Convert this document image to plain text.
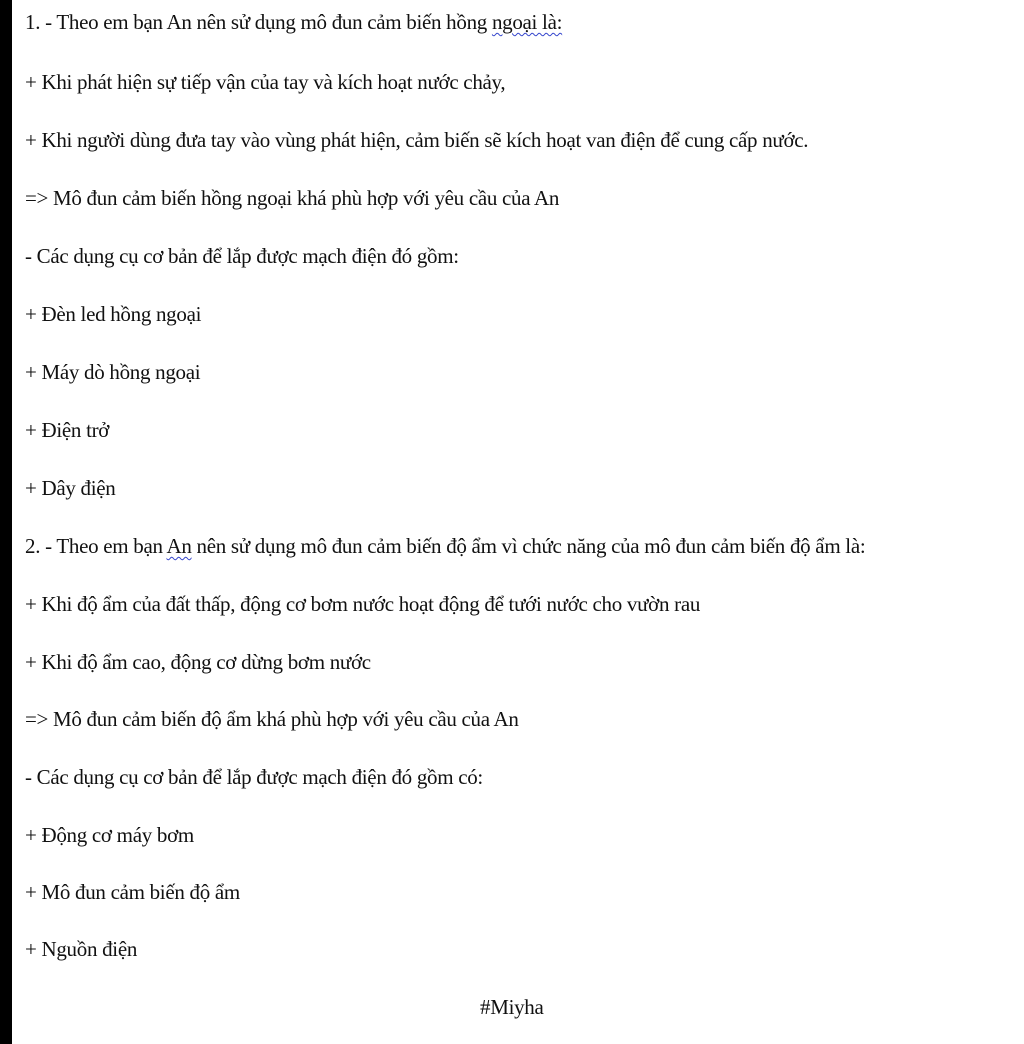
1. - Theo em bạn An nên sử dụng mô đun cảm biến hồng ngoại là:
+ Khi phát hiện sự tiếp vận của tay và kích hoạt nước chảy,
+ Khi người dùng đưa tay vào vùng phát hiện, cảm biến sẽ kích hoạt van điện để cung cấp nước.
=> Mô đun cảm biến hồng ngoại khá phù hợp với yêu cầu của An
- Các dụng cụ cơ bản để lắp được mạch điện đó gồm:
+ Đèn led hồng ngoại
+ Máy dò hồng ngoại
+ Điện trở
+ Dây điện
2. - Theo em bạn An nên sử dụng mô đun cảm biến độ ẩm vì chức năng của mô đun cảm biến độ ẩm là:
+ Khi độ ẩm của đất thấp, động cơ bơm nước hoạt động để tưới nước cho vườn rau
+ Khi độ ẩm cao, động cơ dừng bơm nước
=> Mô đun cảm biến độ ẩm khá phù hợp với yêu cầu của An
- Các dụng cụ cơ bản để lắp được mạch điện đó gồm có:
+ Động cơ máy bơm
+ Mô đun cảm biến độ ẩm
+ Nguồn điện
#Miyha
